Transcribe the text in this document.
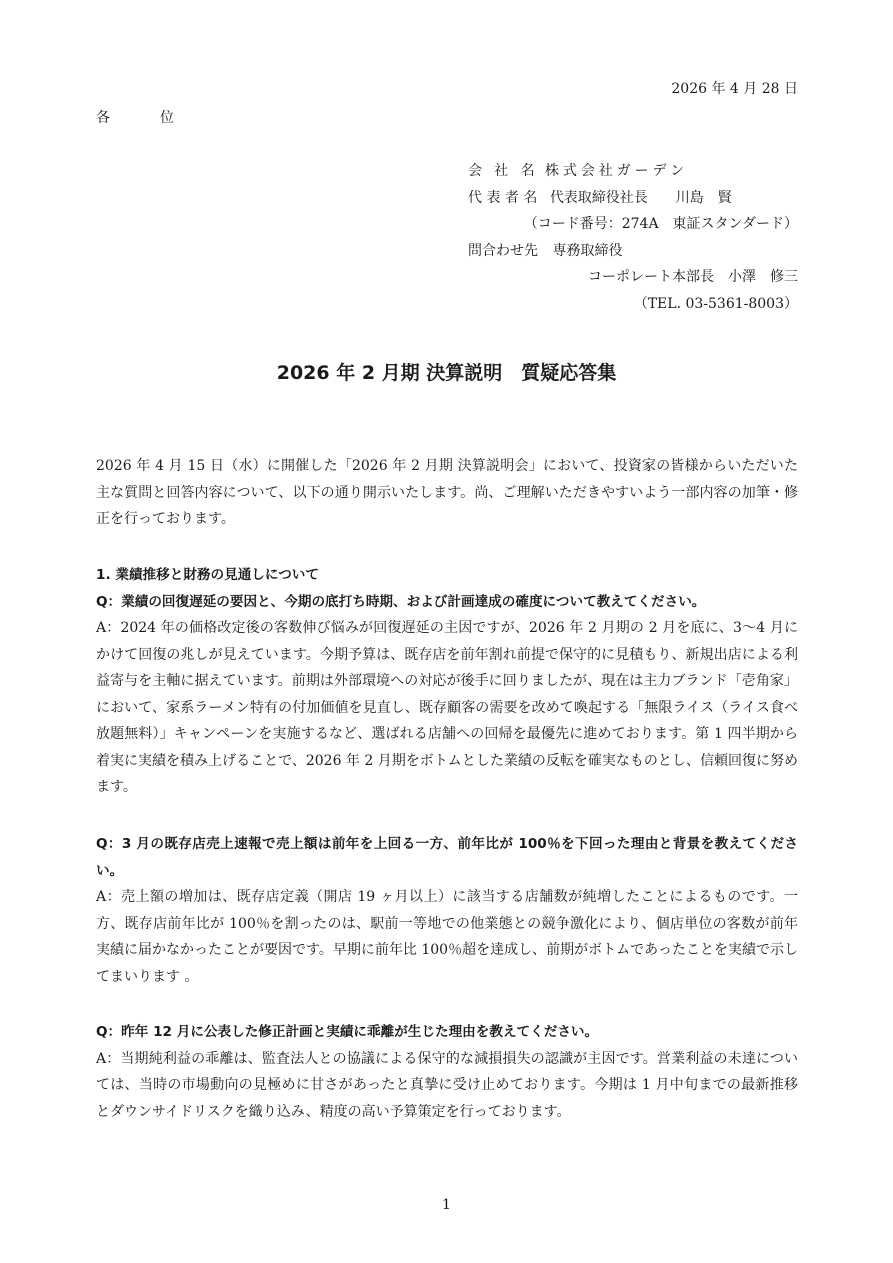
2026 年 4 月 28 日
各　位
会 社 名 株式会社ガーデン
代 表 者 名 代表取締役社長　　川島　賢
（コード番号：274A　東証スタンダード）
問合わせ先 専務取締役
コーポレート本部長　小澤　修三
（TEL. 03-5361-8003）
2026 年 2 月期 決算説明　質疑応答集

2026 年 4 月 15 日（水）に開催した「2026 年 2 月期 決算説明会」において、投資家の皆様からいただいた主な質問と回答内容について、以下の通り開示いたします。尚、ご理解いただきやすいよう一部内容の加筆・修正を行っております。

1. 業績推移と財務の見通しについて

Q：業績の回復遅延の要因と、今期の底打ち時期、および計画達成の確度について教えてください。

A：2024 年の価格改定後の客数伸び悩みが回復遅延の主因ですが、2026 年 2 月期の 2 月を底に、3〜4 月にかけて回復の兆しが見えています。今期予算は、既存店を前年割れ前提で保守的に見積もり、新規出店による利益寄与を主軸に据えています。前期は外部環境への対応が後手に回りましたが、現在は主力ブランド「壱角家」において、家系ラーメン特有の付加価値を見直し、既存顧客の需要を改めて喚起する「無限ライス（ライス食べ放題無料）」キャンペーンを実施するなど、選ばれる店舗への回帰を最優先に進めております。第 1 四半期から着実に実績を積み上げることで、2026 年 2 月期をボトムとした業績の反転を確実なものとし、信頼回復に努めます。

Q：3 月の既存店売上速報で売上額は前年を上回る一方、前年比が 100％を下回った理由と背景を教えてください。

A：売上額の増加は、既存店定義（開店 19 ヶ月以上）に該当する店舗数が純増したことによるものです。一方、既存店前年比が 100％を割ったのは、駅前一等地での他業態との競争激化により、個店単位の客数が前年実績に届かなかったことが要因です。早期に前年比 100％超を達成し、前期がボトムであったことを実績で示してまいります 。

Q：昨年 12 月に公表した修正計画と実績に乖離が生じた理由を教えてください。

A：当期純利益の乖離は、監査法人との協議による保守的な減損損失の認識が主因です。営業利益の未達については、当時の市場動向の見極めに甘さがあったと真摯に受け止めております。今期は 1 月中旬までの最新推移とダウンサイドリスクを織り込み、精度の高い予算策定を行っております。

1
